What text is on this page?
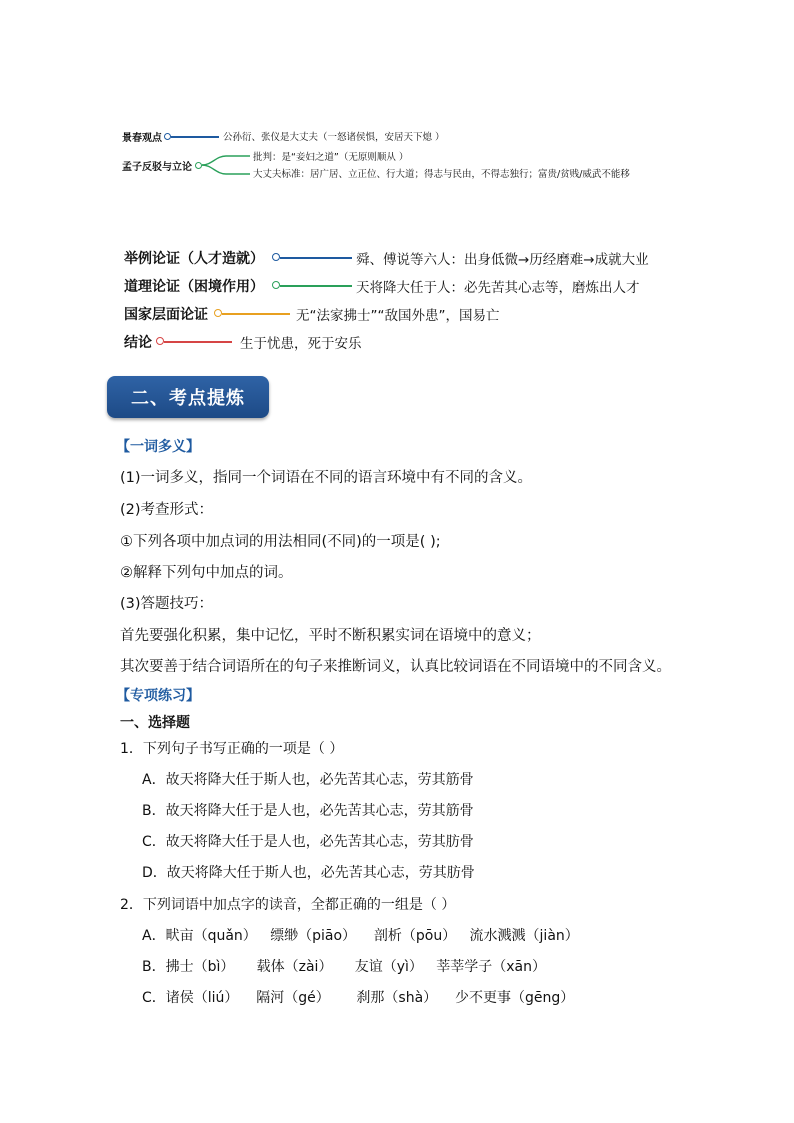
景春观点	公孙衍、张仪是大丈夫（一怒诸侯惧，安居天下熄 ）
孟子反驳与立论
批判：是“妾妇之道”（无原则顺从 ）
大丈夫标准：居广居、立正位、行大道；得志与民由，不得志独行；富贵/贫贱/威武不能移
举例论证（人才造就）	舜、傅说等六人：出身低微→历经磨难→成就大业
道理论证（困境作用）	天将降大任于人：必先苦其心志等，磨炼出人才
国家层面论证	无“法家拂士”“敌国外患”，国易亡
结论	生于忧患，死于安乐
二、考点提炼
【一词多义】
(1)一词多义，指同一个词语在不同的语言环境中有不同的含义。
(2)考查形式：
①下列各项中加点词的用法相同(不同)的一项是( );
②解释下列句中加点的词。
(3)答题技巧：
首先要强化积累，集中记忆，平时不断积累实词在语境中的意义；
其次要善于结合词语所在的句子来推断词义，认真比较词语在不同语境中的不同含义。
【专项练习】
一、选择题
1．下列句子书写正确的一项是（ ）
A．故天将降大任于斯人也，必先苦其心志，劳其筋骨
B．故天将降大任于是人也，必先苦其心志，劳其筋骨
C．故天将降大任于是人也，必先苦其心志，劳其肪骨
D．故天将降大任于斯人也，必先苦其心志，劳其肪骨
2．下列词语中加点字的读音，全都正确的一组是（ ）
A．畎亩（quǎn）   缥缈（piāo）    剖析（pōu）   流水溅溅（jiàn）
B．拂士（bì）     载体（zài）     友谊（yì）   莘莘学子（xān）
C．诸侯（liú）    隔河（gé）      刹那（shà）    少不更事（gēng）
